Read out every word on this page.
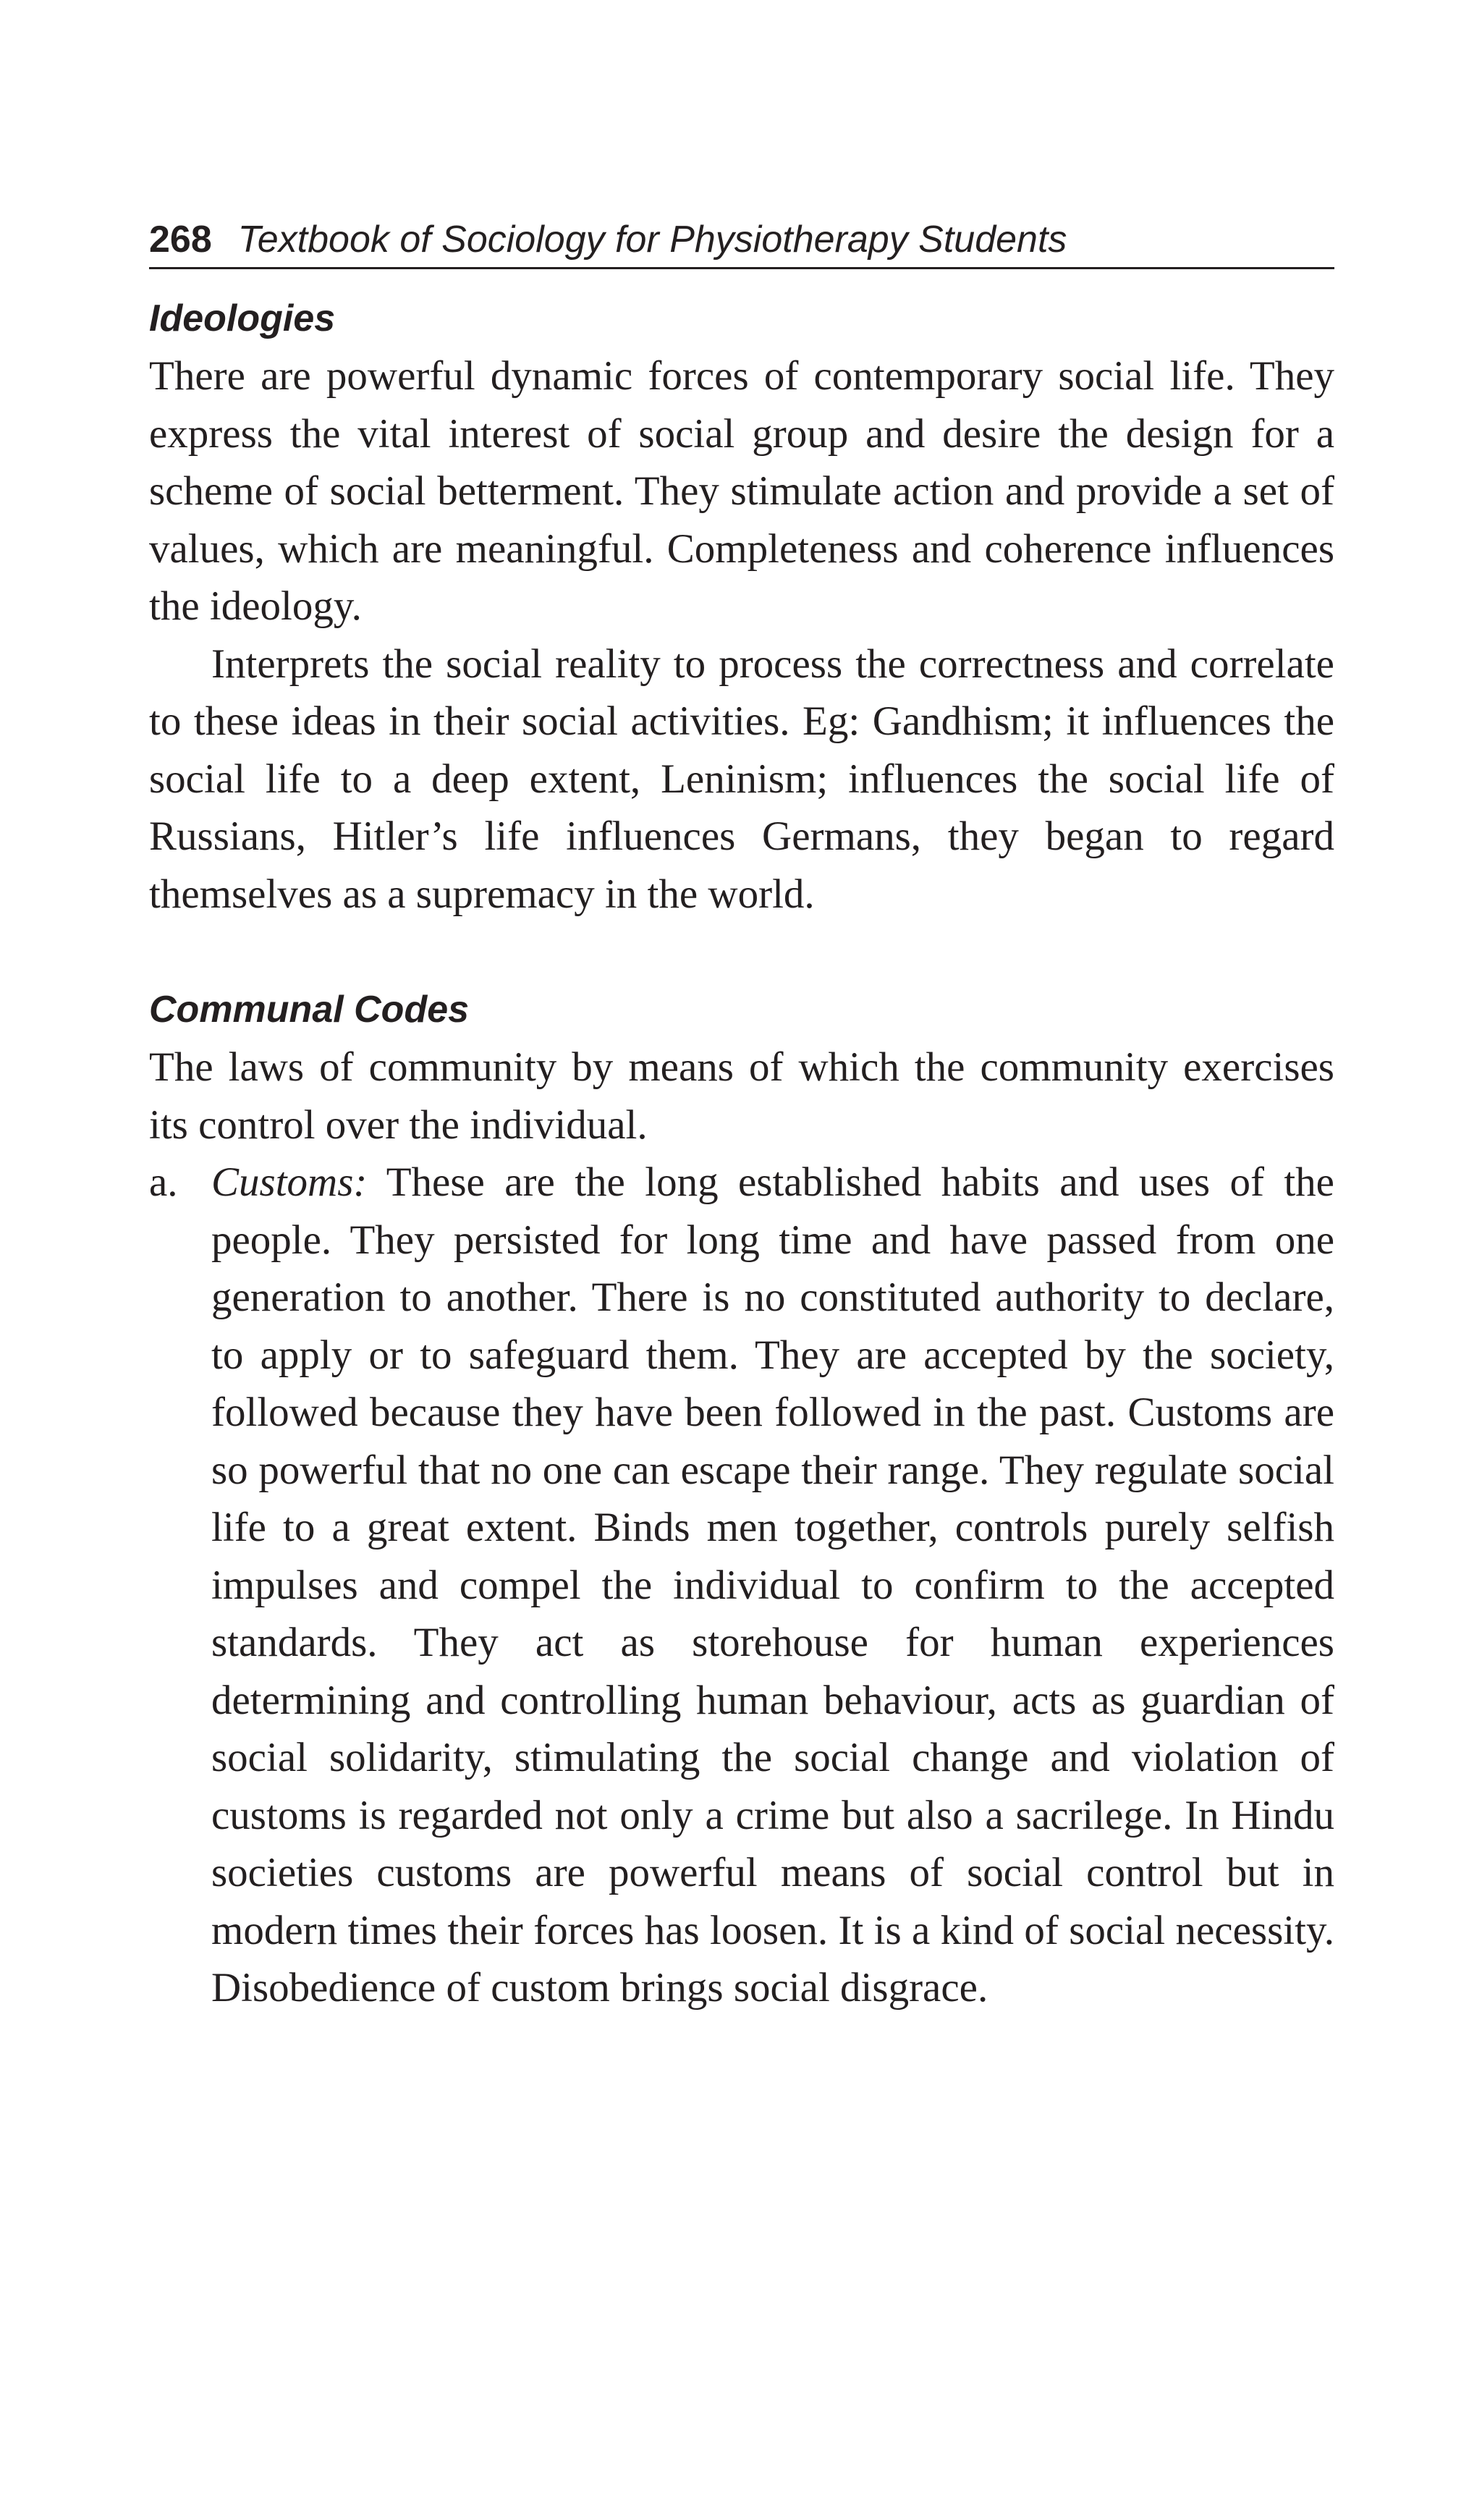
268 Textbook of Sociology for Physiotherapy Students
Ideologies

There are powerful dynamic forces of contemporary social life. They express the vital interest of social group and desire the design for a scheme of social betterment. They stimulate action and provide a set of values, which are meaningful. Completeness and coherence influences the ideology.

Interprets the social reality to process the correctness and correlate to these ideas in their social activities. Eg: Gandhism; it influences the social life to a deep extent, Leninism; influences the social life of Russians, Hitler’s life influences Germans, they began to regard themselves as a supremacy in the world.

Communal Codes

The laws of community by means of which the community exercises its control over the individual.

a. Customs: These are the long established habits and uses of the people. They persisted for long time and have passed from one generation to another. There is no constituted authority to declare, to apply or to safeguard them. They are accepted by the society, followed because they have been followed in the past. Customs are so powerful that no one can escape their range. They regulate social life to a great extent. Binds men together, controls purely selfish impulses and compel the individual to confirm to the accepted standards. They act as storehouse for human experiences determining and controlling human behaviour, acts as guardian of social solidarity, stimulating the social change and violation of customs is regarded not only a crime but also a sacrilege. In Hindu societies customs are powerful means of social control but in modern times their forces has loosen. It is a kind of social necessity. Disobedience of custom brings social disgrace.
